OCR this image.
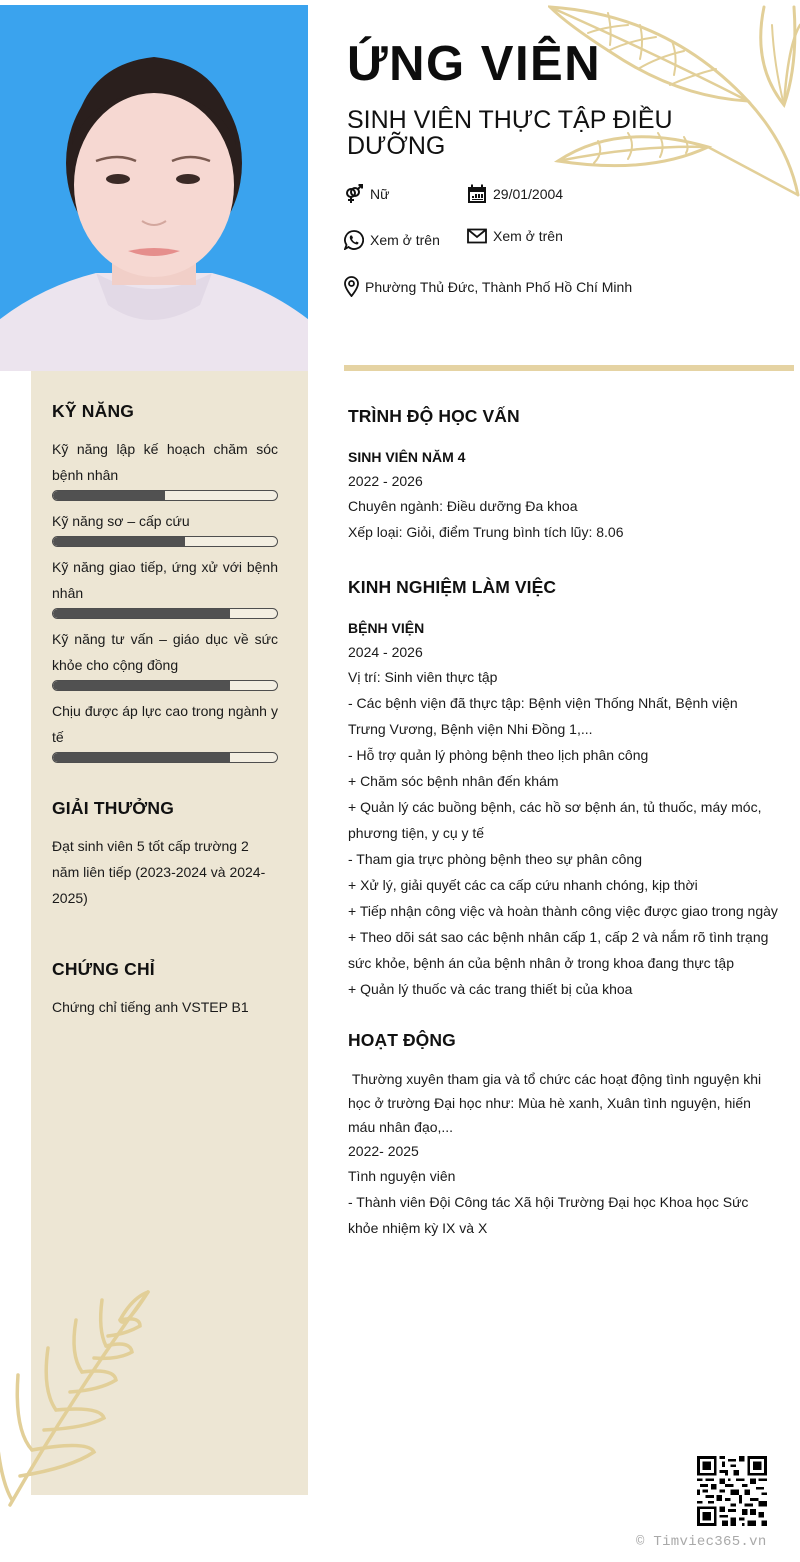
KỸ NĂNG
Kỹ năng lập kế hoạch chăm sóc bệnh nhân
Kỹ năng sơ – cấp cứu
Kỹ năng giao tiếp, ứng xử với bệnh nhân
Kỹ năng tư vấn – giáo dục về sức khỏe cho cộng đồng
Chịu được áp lực cao trong ngành y tế
GIẢI THƯỞNG
Đạt sinh viên 5 tốt cấp trường 2 năm liên tiếp (2023-2024 và 2024-2025)
CHỨNG CHỈ
Chứng chỉ tiếng anh VSTEP B1
ỨNG VIÊN
SINH VIÊN THỰC TẬP ĐIỀU DƯỠNG
Nữ	29/01/2004
Xem ở trên	Xem ở trên
Phường Thủ Đức, Thành Phố Hồ Chí Minh
TRÌNH ĐỘ HỌC VẤN
SINH VIÊN NĂM 4
2022 - 2026
Chuyên ngành: Điều dưỡng Đa khoa
Xếp loại: Giỏi, điểm Trung bình tích lũy: 8.06
KINH NGHIỆM LÀM VIỆC
BỆNH VIỆN
2024 - 2026
Vị trí: Sinh viên thực tập
- Các bệnh viện đã thực tập: Bệnh viện Thống Nhất, Bệnh viện Trưng Vương, Bệnh viện Nhi Đồng 1,...
- Hỗ trợ quản lý phòng bệnh theo lịch phân công
+ Chăm sóc bệnh nhân đến khám
+ Quản lý các buồng bệnh, các hồ sơ bệnh án, tủ thuốc, máy móc, phương tiện, y cụ y tế
- Tham gia trực phòng bệnh theo sự phân công
+ Xử lý, giải quyết các ca cấp cứu nhanh chóng, kịp thời
+ Tiếp nhận công việc và hoàn thành công việc được giao trong ngày
+ Theo dõi sát sao các bệnh nhân cấp 1, cấp 2 và nắm rõ tình trạng sức khỏe, bệnh án của bệnh nhân ở trong khoa đang thực tập
+ Quản lý thuốc và các trang thiết bị của khoa
HOẠT ĐỘNG
Thường xuyên tham gia và tổ chức các hoạt động tình nguyện khi học ở trường Đại học như: Mùa hè xanh, Xuân tình nguyện, hiến máu nhân đạo,...
2022- 2025
Tình nguyện viên
- Thành viên Đội Công tác Xã hội Trường Đại học Khoa học Sức khỏe nhiệm kỳ IX và X
© Timviec365.vn
